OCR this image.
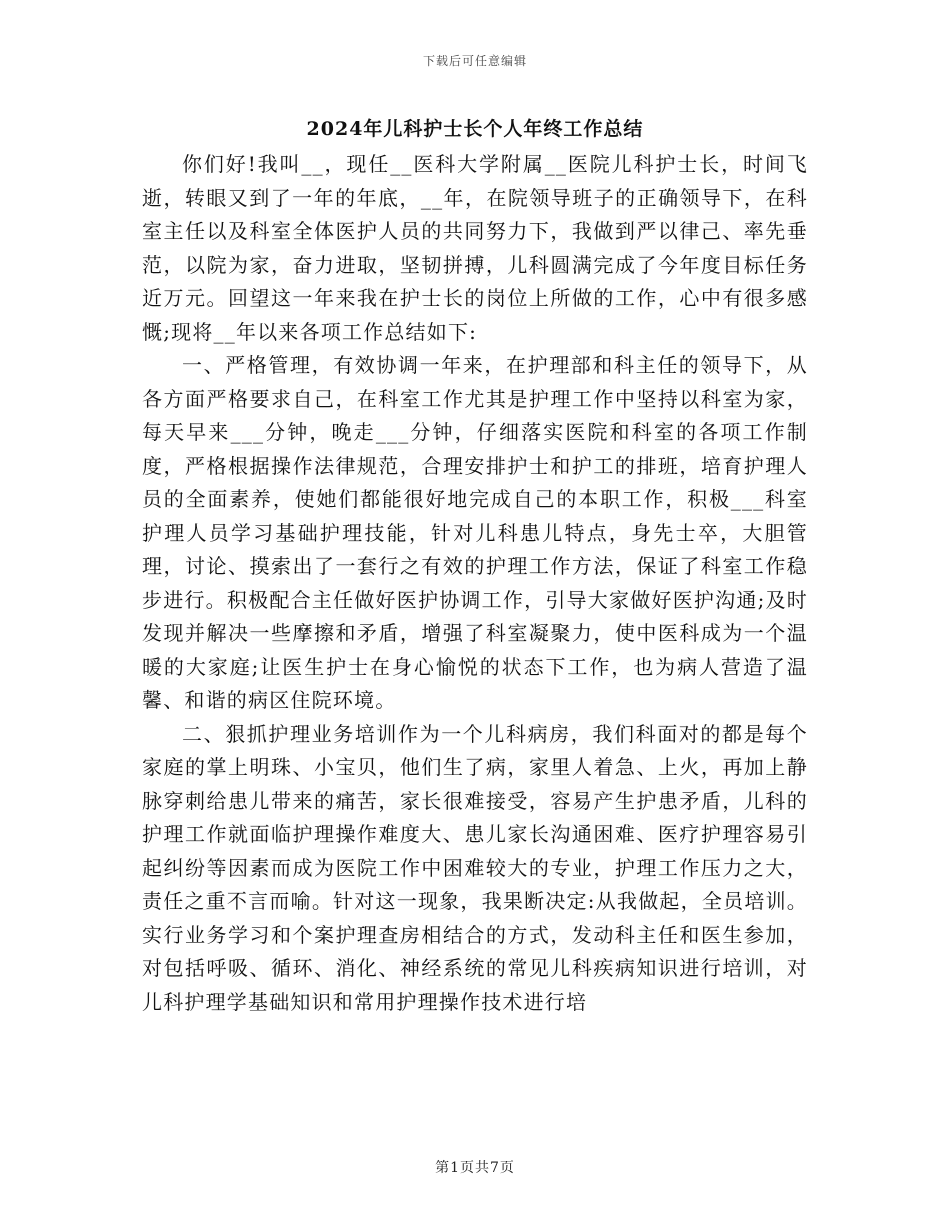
下载后可任意编辑
2024年儿科护士长个人年终工作总结

你们好!我叫__，现任__医科大学附属__医院儿科护士长，时间飞逝，转眼又到了一年的年底，__年，在院领导班子的正确领导下，在科室主任以及科室全体医护人员的共同努力下，我做到严以律己、率先垂范，以院为家，奋力进取，坚韧拼搏，儿科圆满完成了今年度目标任务近万元。回望这一年来我在护士长的岗位上所做的工作，心中有很多感慨;现将__年以来各项工作总结如下:

一、严格管理，有效协调一年来，在护理部和科主任的领导下，从各方面严格要求自己，在科室工作尤其是护理工作中坚持以科室为家，每天早来___分钟，晚走___分钟，仔细落实医院和科室的各项工作制度，严格根据操作法律规范，合理安排护士和护工的排班，培育护理人员的全面素养，使她们都能很好地完成自己的本职工作，积极___科室护理人员学习基础护理技能，针对儿科患儿特点，身先士卒，大胆管理，讨论、摸索出了一套行之有效的护理工作方法，保证了科室工作稳步进行。积极配合主任做好医护协调工作，引导大家做好医护沟通;及时发现并解决一些摩擦和矛盾，增强了科室凝聚力，使中医科成为一个温暖的大家庭;让医生护士在身心愉悦的状态下工作，也为病人营造了温馨、和谐的病区住院环境。

二、狠抓护理业务培训作为一个儿科病房，我们科面对的都是每个家庭的掌上明珠、小宝贝，他们生了病，家里人着急、上火，再加上静脉穿刺给患儿带来的痛苦，家长很难接受，容易产生护患矛盾，儿科的护理工作就面临护理操作难度大、患儿家长沟通困难、医疗护理容易引起纠纷等因素而成为医院工作中困难较大的专业，护理工作压力之大，责任之重不言而喻。针对这一现象，我果断决定:从我做起，全员培训。实行业务学习和个案护理查房相结合的方式，发动科主任和医生参加，对包括呼吸、循环、消化、神经系统的常见儿科疾病知识进行培训，对儿科护理学基础知识和常用护理操作技术进行培

第1页共7页
